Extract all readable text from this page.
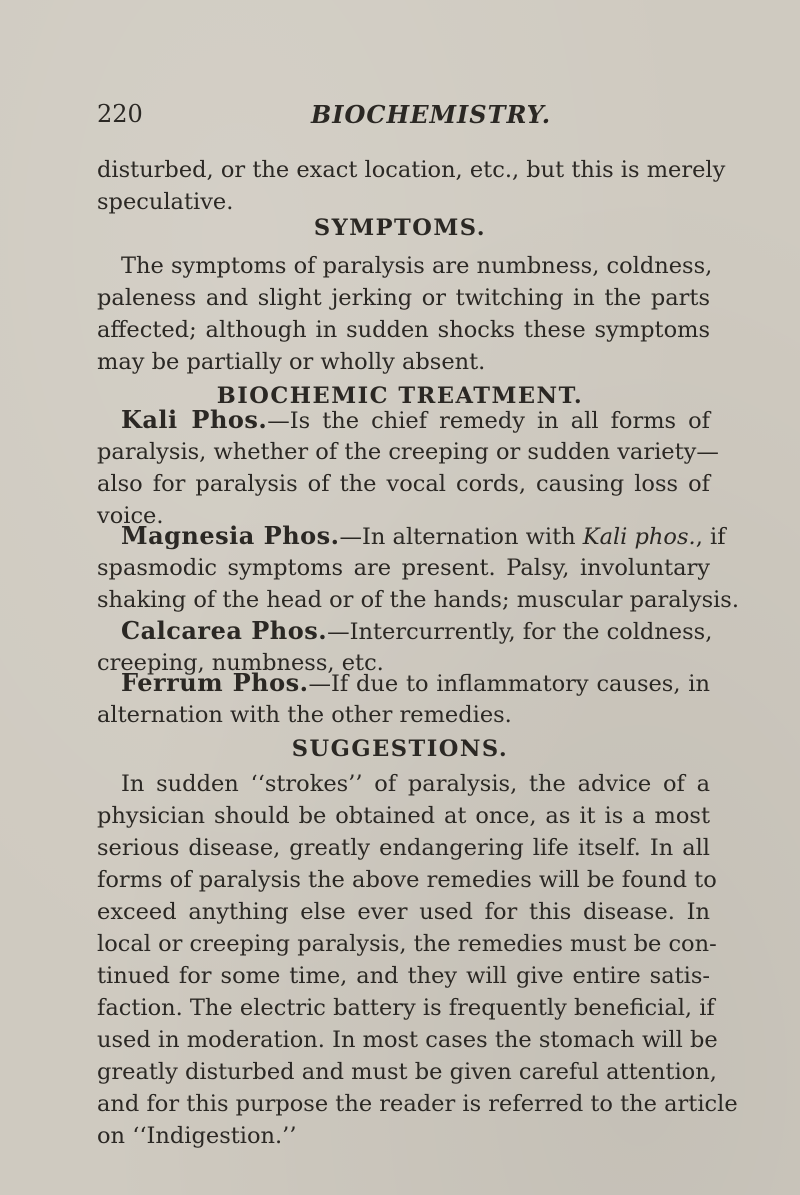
220	BIOCHEMISTRY.
disturbed, or the exact location, etc., but this is merely
speculative.
SYMPTOMS.
The symptoms of paralysis are numbness, coldness,
paleness and slight jerking or twitching in the parts
affected; although in sudden shocks these symptoms
may be partially or wholly absent.
BIOCHEMIC TREATMENT.
Kali Phos.—Is the chief remedy in all forms of
paralysis, whether of the creeping or sudden variety—
also for paralysis of the vocal cords, causing loss of
voice.
Magnesia Phos.—In alternation with Kali phos., if
spasmodic symptoms are present. Palsy, involuntary
shaking of the head or of the hands; muscular paralysis.
Calcarea Phos.—Intercurrently, for the coldness,
creeping, numbness, etc.
Ferrum Phos.—If due to inflammatory causes, in
alternation with the other remedies.
SUGGESTIONS.
In sudden ‘‘strokes’’ of paralysis, the advice of a
physician should be obtained at once, as it is a most
serious disease, greatly endangering life itself. In all
forms of paralysis the above remedies will be found to
exceed anything else ever used for this disease. In
local or creeping paralysis, the remedies must be con-
tinued for some time, and they will give entire satis-
faction. The electric battery is frequently beneficial, if
used in moderation. In most cases the stomach will be
greatly disturbed and must be given careful attention,
and for this purpose the reader is referred to the article
on ‘‘Indigestion.’’
